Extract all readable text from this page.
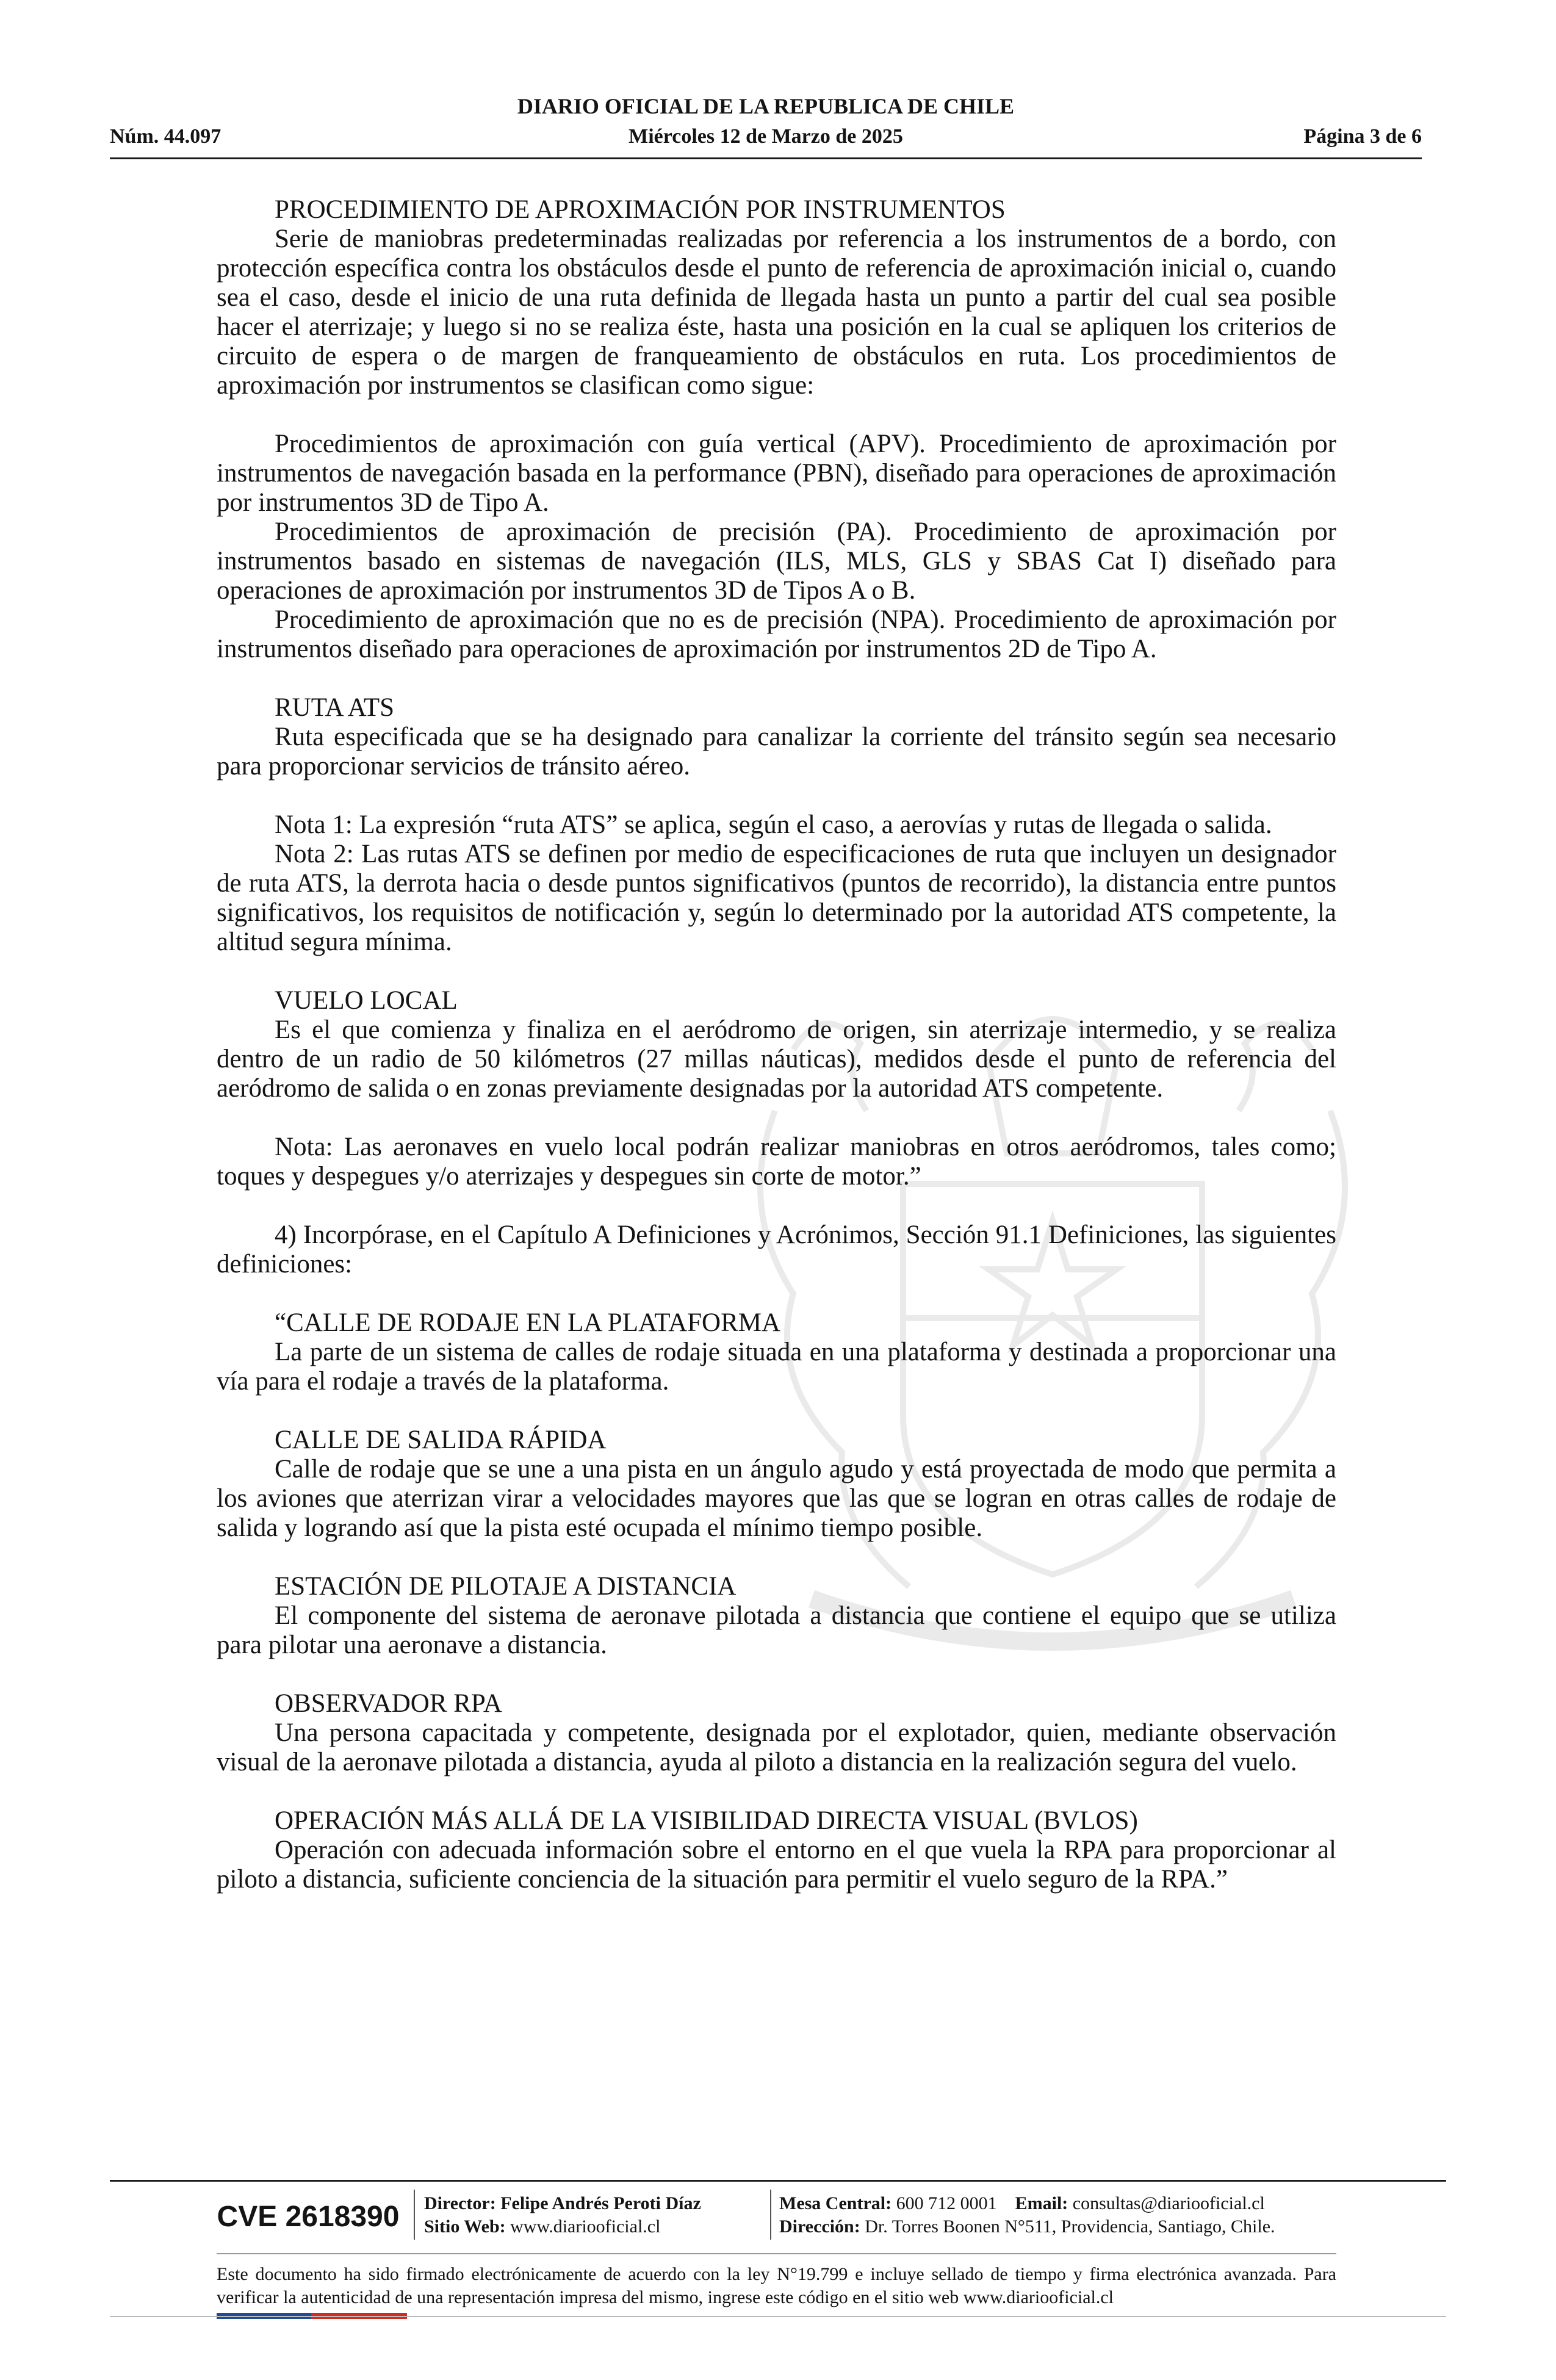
DIARIO OFICIAL DE LA REPUBLICA DE CHILE
Núm. 44.097	Miércoles 12 de Marzo de 2025	Página 3 de 6

PROCEDIMIENTO DE APROXIMACIÓN POR INSTRUMENTOS

Serie de maniobras predeterminadas realizadas por referencia a los instrumentos de a bordo, con protección específica contra los obstáculos desde el punto de referencia de aproximación inicial o, cuando sea el caso, desde el inicio de una ruta definida de llegada hasta un punto a partir del cual sea posible hacer el aterrizaje; y luego si no se realiza éste, hasta una posición en la cual se apliquen los criterios de circuito de espera o de margen de franqueamiento de obstáculos en ruta. Los procedimientos de aproximación por instrumentos se clasifican como sigue:

Procedimientos de aproximación con guía vertical (APV). Procedimiento de aproximación por instrumentos de navegación basada en la performance (PBN), diseñado para operaciones de aproximación por instrumentos 3D de Tipo A.

Procedimientos de aproximación de precisión (PA). Procedimiento de aproximación por instrumentos basado en sistemas de navegación (ILS, MLS, GLS y SBAS Cat I) diseñado para operaciones de aproximación por instrumentos 3D de Tipos A o B.

Procedimiento de aproximación que no es de precisión (NPA). Procedimiento de aproximación por instrumentos diseñado para operaciones de aproximación por instrumentos 2D de Tipo A.

RUTA ATS

Ruta especificada que se ha designado para canalizar la corriente del tránsito según sea necesario para proporcionar servicios de tránsito aéreo.

Nota 1: La expresión “ruta ATS” se aplica, según el caso, a aerovías y rutas de llegada o salida.

Nota 2: Las rutas ATS se definen por medio de especificaciones de ruta que incluyen un designador de ruta ATS, la derrota hacia o desde puntos significativos (puntos de recorrido), la distancia entre puntos significativos, los requisitos de notificación y, según lo determinado por la autoridad ATS competente, la altitud segura mínima.

VUELO LOCAL

Es el que comienza y finaliza en el aeródromo de origen, sin aterrizaje intermedio, y se realiza dentro de un radio de 50 kilómetros (27 millas náuticas), medidos desde el punto de referencia del aeródromo de salida o en zonas previamente designadas por la autoridad ATS competente.

Nota: Las aeronaves en vuelo local podrán realizar maniobras en otros aeródromos, tales como; toques y despegues y/o aterrizajes y despegues sin corte de motor.”

4) Incorpórase, en el Capítulo A Definiciones y Acrónimos, Sección 91.1 Definiciones, las siguientes definiciones:

“CALLE DE RODAJE EN LA PLATAFORMA

La parte de un sistema de calles de rodaje situada en una plataforma y destinada a proporcionar una vía para el rodaje a través de la plataforma.

CALLE DE SALIDA RÁPIDA

Calle de rodaje que se une a una pista en un ángulo agudo y está proyectada de modo que permita a los aviones que aterrizan virar a velocidades mayores que las que se logran en otras calles de rodaje de salida y logrando así que la pista esté ocupada el mínimo tiempo posible.

ESTACIÓN DE PILOTAJE A DISTANCIA

El componente del sistema de aeronave pilotada a distancia que contiene el equipo que se utiliza para pilotar una aeronave a distancia.

OBSERVADOR RPA

Una persona capacitada y competente, designada por el explotador, quien, mediante observación visual de la aeronave pilotada a distancia, ayuda al piloto a distancia en la realización segura del vuelo.

OPERACIÓN MÁS ALLÁ DE LA VISIBILIDAD DIRECTA VISUAL (BVLOS)

Operación con adecuada información sobre el entorno en el que vuela la RPA para proporcionar al piloto a distancia, suficiente conciencia de la situación para permitir el vuelo seguro de la RPA.”

CVE 2618390	Director: Felipe Andrés Peroti Díaz
Sitio Web: www.diariooficial.cl
Mesa Central: 600 712 0001 Email: consultas@diariooficial.cl
Dirección: Dr. Torres Boonen N°511, Providencia, Santiago, Chile.

Este documento ha sido firmado electrónicamente de acuerdo con la ley N°19.799 e incluye sellado de tiempo y firma electrónica avanzada. Para verificar la autenticidad de una representación impresa del mismo, ingrese este código en el sitio web www.diariooficial.cl
